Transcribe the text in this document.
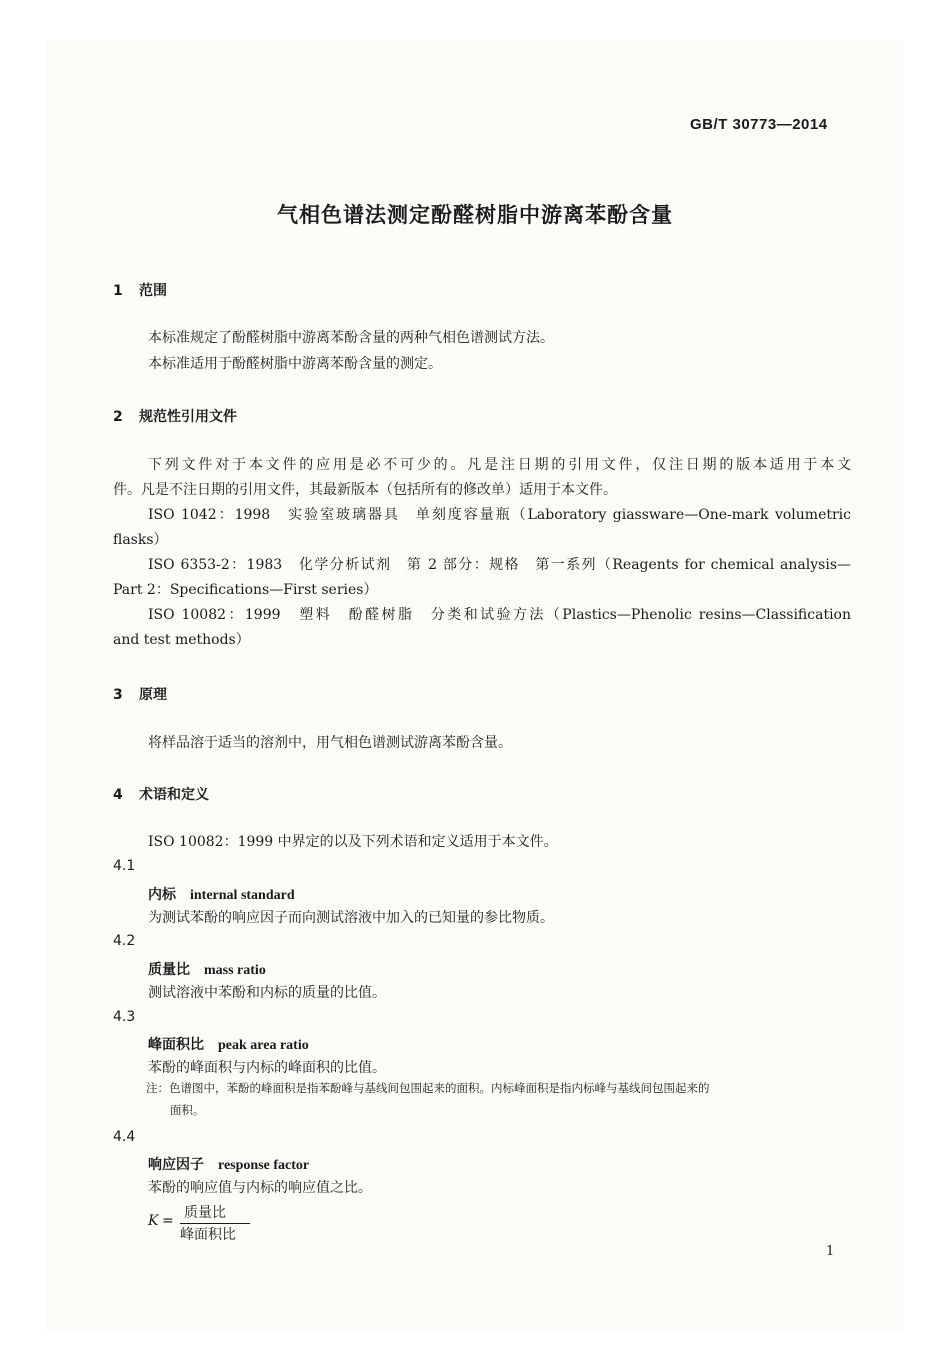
GB/T 30773—2014
气相色谱法测定酚醛树脂中游离苯酚含量
1 范围
本标准规定了酚醛树脂中游离苯酚含量的两种气相色谱测试方法。
本标准适用于酚醛树脂中游离苯酚含量的测定。
2 规范性引用文件
下列文件对于本文件的应用是必不可少的。凡是注日期的引用文件，仅注日期的版本适用于本文
件。凡是不注日期的引用文件，其最新版本（包括所有的修改单）适用于本文件。
ISO 1042：1998　实验室玻璃器具　单刻度容量瓶（Laboratory giassware—One-mark volumetric
flasks）
ISO 6353-2：1983　化学分析试剂　第 2 部分：规格　第一系列（Reagents for chemical analysis—
Part 2：Specifications—First series）
ISO 10082：1999　塑料　酚醛树脂　分类和试验方法（Plastics—Phenolic resins—Classification
and test methods）
3 原理
将样品溶于适当的溶剂中，用气相色谱测试游离苯酚含量。
4 术语和定义
ISO 10082：1999 中界定的以及下列术语和定义适用于本文件。
4.1
内标 internal standard
为测试苯酚的响应因子而向测试溶液中加入的已知量的参比物质。
4.2
质量比 mass ratio
测试溶液中苯酚和内标的质量的比值。
4.3
峰面积比 peak area ratio
苯酚的峰面积与内标的峰面积的比值。
注：色谱图中，苯酚的峰面积是指苯酚峰与基线间包围起来的面积。内标峰面积是指内标峰与基线间包围起来的
面积。
4.4
响应因子 response factor
苯酚的响应值与内标的响应值之比。
K = 质量比
峰面积比
1
